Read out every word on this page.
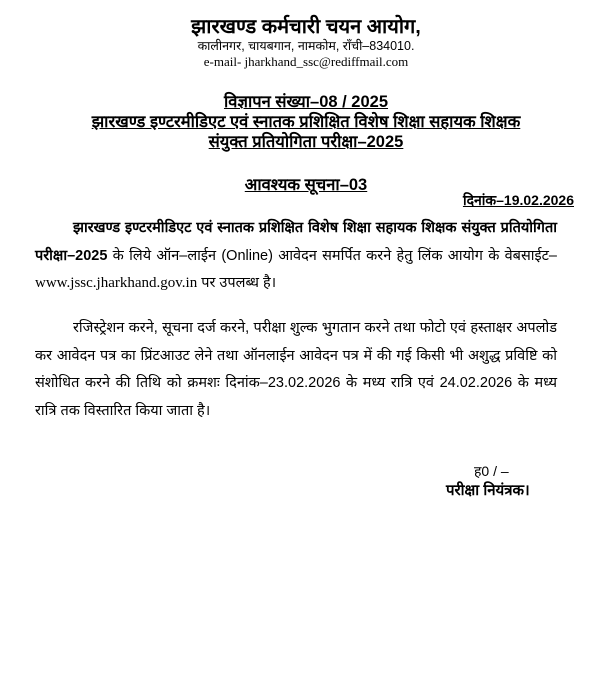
झारखण्ड कर्मचारी चयन आयोग,
कालीनगर, चायबगान, नामकोम, राँची–834010.
e-mail- jharkhand_ssc@rediffmail.com
विज्ञापन संख्या–08 / 2025
झारखण्ड इण्टरमीडिएट एवं स्नातक प्रशिक्षित विशेष शिक्षा सहायक शिक्षक
संयुक्त प्रतियोगिता परीक्षा–2025
आवश्यक सूचना–03
दिनांक–19.02.2026
झारखण्ड इण्टरमीडिएट एवं स्नातक प्रशिक्षित विशेष शिक्षा सहायक शिक्षक संयुक्त प्रतियोगिता परीक्षा–2025 के लिये ऑन–लाईन (Online) आवेदन समर्पित करने हेतु लिंक आयोग के वेबसाईट– www.jssc.jharkhand.gov.in पर उपलब्ध है।
रजिस्ट्रेशन करने, सूचना दर्ज करने, परीक्षा शुल्क भुगतान करने तथा फोटो एवं हस्ताक्षर अपलोड कर आवेदन पत्र का प्रिंटआउट लेने तथा ऑनलाईन आवेदन पत्र में की गई किसी भी अशुद्ध प्रविष्टि को संशोधित करने की तिथि को क्रमशः दिनांक–23.02.2026 के मध्य रात्रि एवं 24.02.2026 के मध्य रात्रि तक विस्तारित किया जाता है।
ह0 / –
परीक्षा नियंत्रक।
